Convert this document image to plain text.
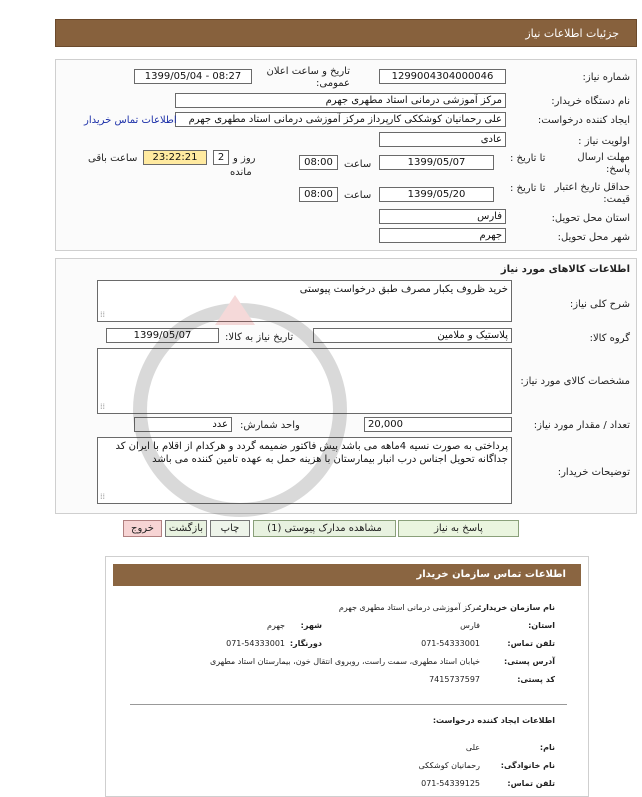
جزئیات اطلاعات نیاز
شماره نیاز:
1299004304000046
تاریخ و ساعت اعلان عمومی:
1399/05/04 - 08:27
نام دستگاه خریدار:
مرکز آموزشی درمانی استاد مطهری جهرم
ایجاد کننده درخواست:
علی رحمانیان کوشککی کارپرداز مرکز آموزشی درمانی استاد مطهری جهرم
اطلاعات تماس خریدار
اولویت نیاز :
عادی
مهلت ارسال پاسخ:
تا تاریخ :
1399/05/07
ساعت
08:00
2 روز و
مانده
23:22:21
ساعت باقی
حداقل تاریخ اعتبار قیمت:
تا تاریخ :
1399/05/20
ساعت
08:00
استان محل تحویل:
فارس
شهر محل تحویل:
جهرم
اطلاعات کالاهای مورد نیاز
شرح کلی نیاز:
خرید ظروف یکبار مصرف طبق درخواست پیوستی
⁞⁞
گروه کالا:
پلاستیک و ملامین
تاریخ نیاز به کالا:
1399/05/07
مشخصات کالای مورد نیاز:
⁞⁞
تعداد / مقدار مورد نیاز:
20,000
واحد شمارش:
عدد
توضیحات خریدار:
پرداختی به صورت نسیه 4ماهه می باشد پیش فاکتور ضمیمه گردد و هرکدام از اقلام با ایران کد جداگانه تحویل اجناس درب انبار بیمارستان با هزینه حمل به عهده تامین کننده می باشد
⁞⁞
پاسخ به نیاز
مشاهده مدارک پیوستی (1)
چاپ
بازگشت
خروج
اطلاعات تماس سازمان خریدار
نام سازمان خریدار:
مرکز آموزشی درمانی استاد مطهری جهرم
استان:
فارس
شهر:
جهرم
تلفن تماس:
071-54333001
دورنگار:
071-54333001
آدرس پستی:
خیابان استاد مطهری، سمت راست، روبروی انتقال خون، بیمارستان استاد مطهری
کد پستی:
7415737597
اطلاعات ایجاد کننده درخواست:
نام:
علی
نام خانوادگی:
رحمانیان کوشککی
تلفن تماس:
071-54339125
